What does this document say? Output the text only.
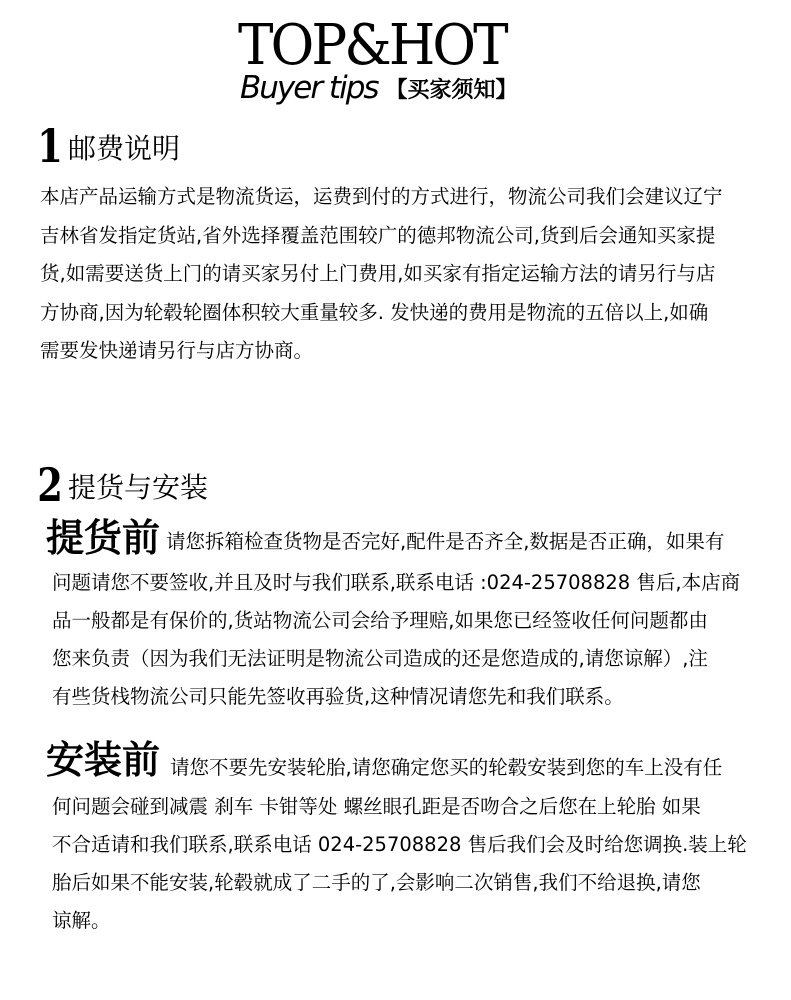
TOP&HOT
Buyer tips 【买家须知】
1 邮费说明
本店产品运输方式是物流货运，运费到付的方式进行，物流公司我们会建议辽宁
吉林省发指定货站,省外选择覆盖范围较广的德邦物流公司,货到后会通知买家提
货,如需要送货上门的请买家另付上门费用,如买家有指定运输方法的请另行与店
方协商,因为轮毂轮圈体积较大重量较多. 发快递的费用是物流的五倍以上,如确
需要发快递请另行与店方协商。
2 提货与安装
提货前 请您拆箱检查货物是否完好,配件是否齐全,数据是否正确，如果有
问题请您不要签收,并且及时与我们联系,联系电话 :024-25708828 售后,本店商
品一般都是有保价的,货站物流公司会给予理赔,如果您已经签收任何问题都由
您来负责（因为我们无法证明是物流公司造成的还是您造成的,请您谅解）,注
有些货栈物流公司只能先签收再验货,这种情况请您先和我们联系。
安装前 请您不要先安装轮胎,请您确定您买的轮毂安装到您的车上没有任
何问题会碰到减震 刹车 卡钳等处 螺丝眼孔距是否吻合之后您在上轮胎 如果
不合适请和我们联系,联系电话 024-25708828 售后我们会及时给您调换.装上轮
胎后如果不能安装,轮毂就成了二手的了,会影响二次销售,我们不给退换,请您
谅解。
